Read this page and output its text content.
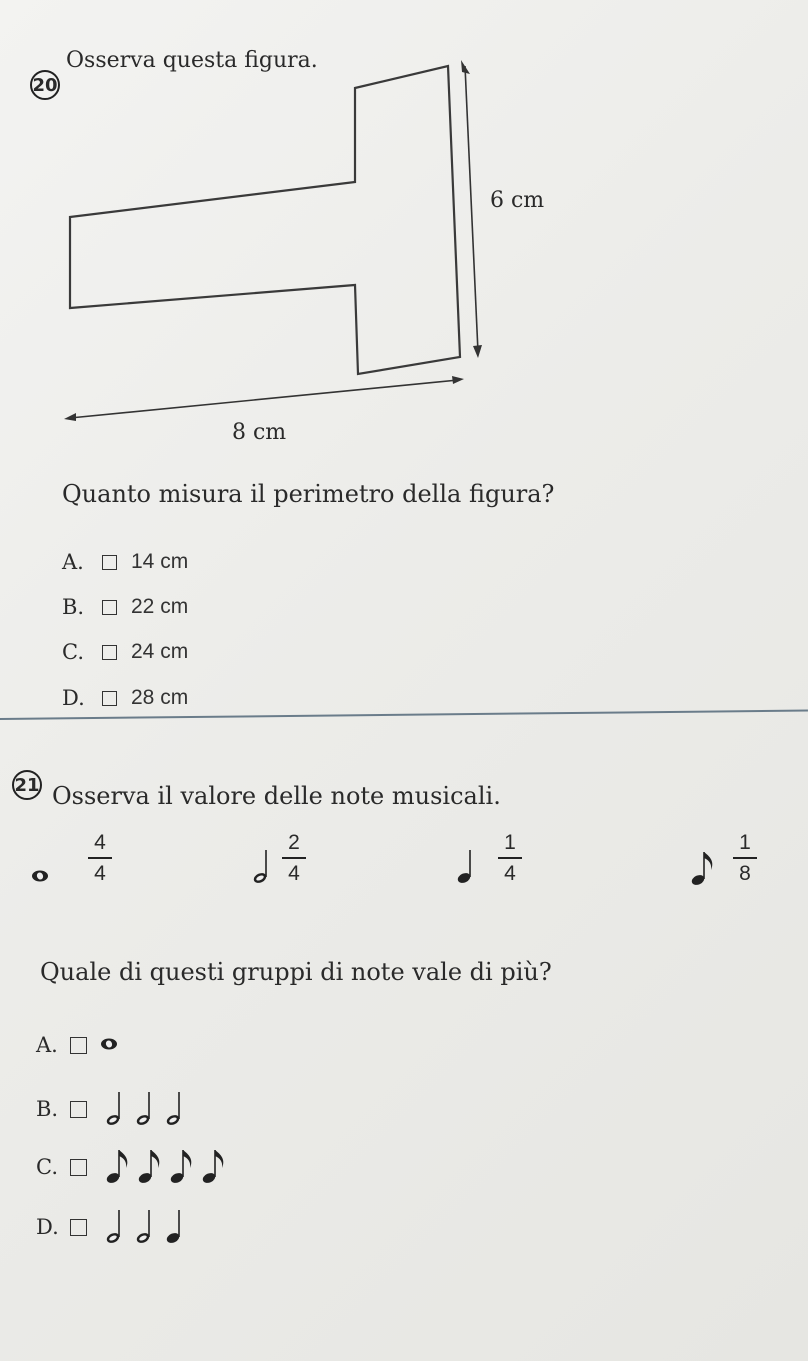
20
Osserva questa figura.
6 cm
8 cm
Quanto misura il perimetro della figura?
A.	14 cm
B.	22 cm
C.	24 cm
D.	28 cm
21 Osserva il valore delle note musicali.
4
4
2
4
1
4
1
8
Quale di questi gruppi di note vale di più?
A.
B.
C.
D.
